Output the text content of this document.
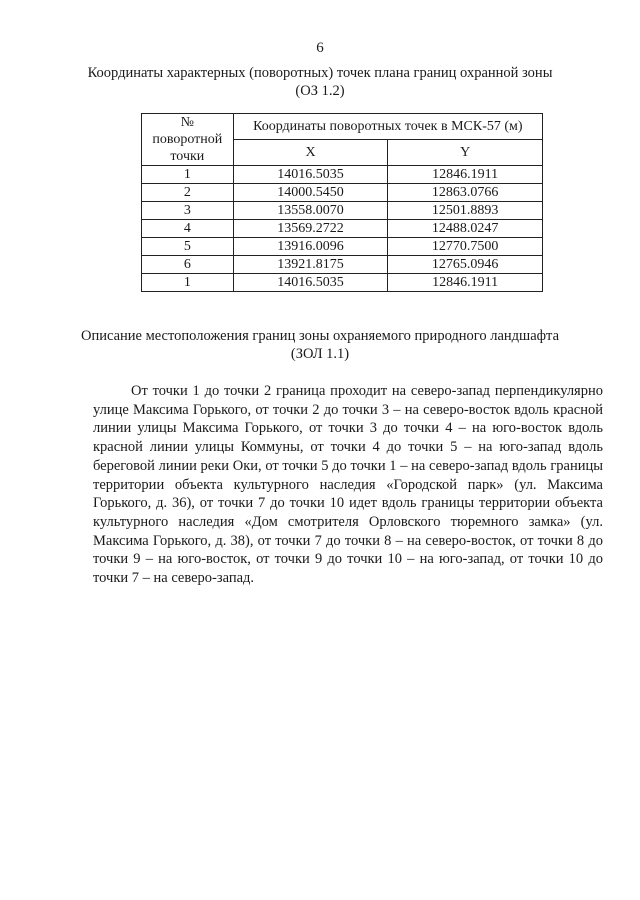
6
Координаты характерных (поворотных) точек плана границ охранной зоны
(ОЗ 1.2)
№
поворотной
точки	Координаты поворотных точек в МСК-57 (м)	
	X	Y
1	14016.5035	12846.1911
2	14000.5450	12863.0766
3	13558.0070	12501.8893
4	13569.2722	12488.0247
5	13916.0096	12770.7500
6	13921.8175	12765.0946
1	14016.5035	12846.1911
Описание местоположения границ зоны охраняемого природного ландшафта
(ЗОЛ 1.1)

От точки 1 до точки 2 граница проходит на северо-запад перпендикулярно улице Максима Горького, от точки 2 до точки 3 – на северо-восток вдоль красной линии улицы Максима Горького, от точки 3 до точки 4 – на юго-восток вдоль красной линии улицы Коммуны, от точки 4 до точки 5 – на юго-запад вдоль береговой линии реки Оки, от точки 5 до точки 1 – на северо-запад вдоль границы территории объекта культурного наследия «Городской парк» (ул. Максима Горького, д. 36), от точки 7 до точки 10 идет вдоль границы территории объекта культурного наследия «Дом смотрителя Орловского тюремного замка» (ул. Максима Горького, д. 38), от точки 7 до точки 8 – на северо-восток, от точки 8 до точки 9 – на юго-восток, от точки 9 до точки 10 – на юго-запад, от точки 10 до точки 7 – на северо-запад.
